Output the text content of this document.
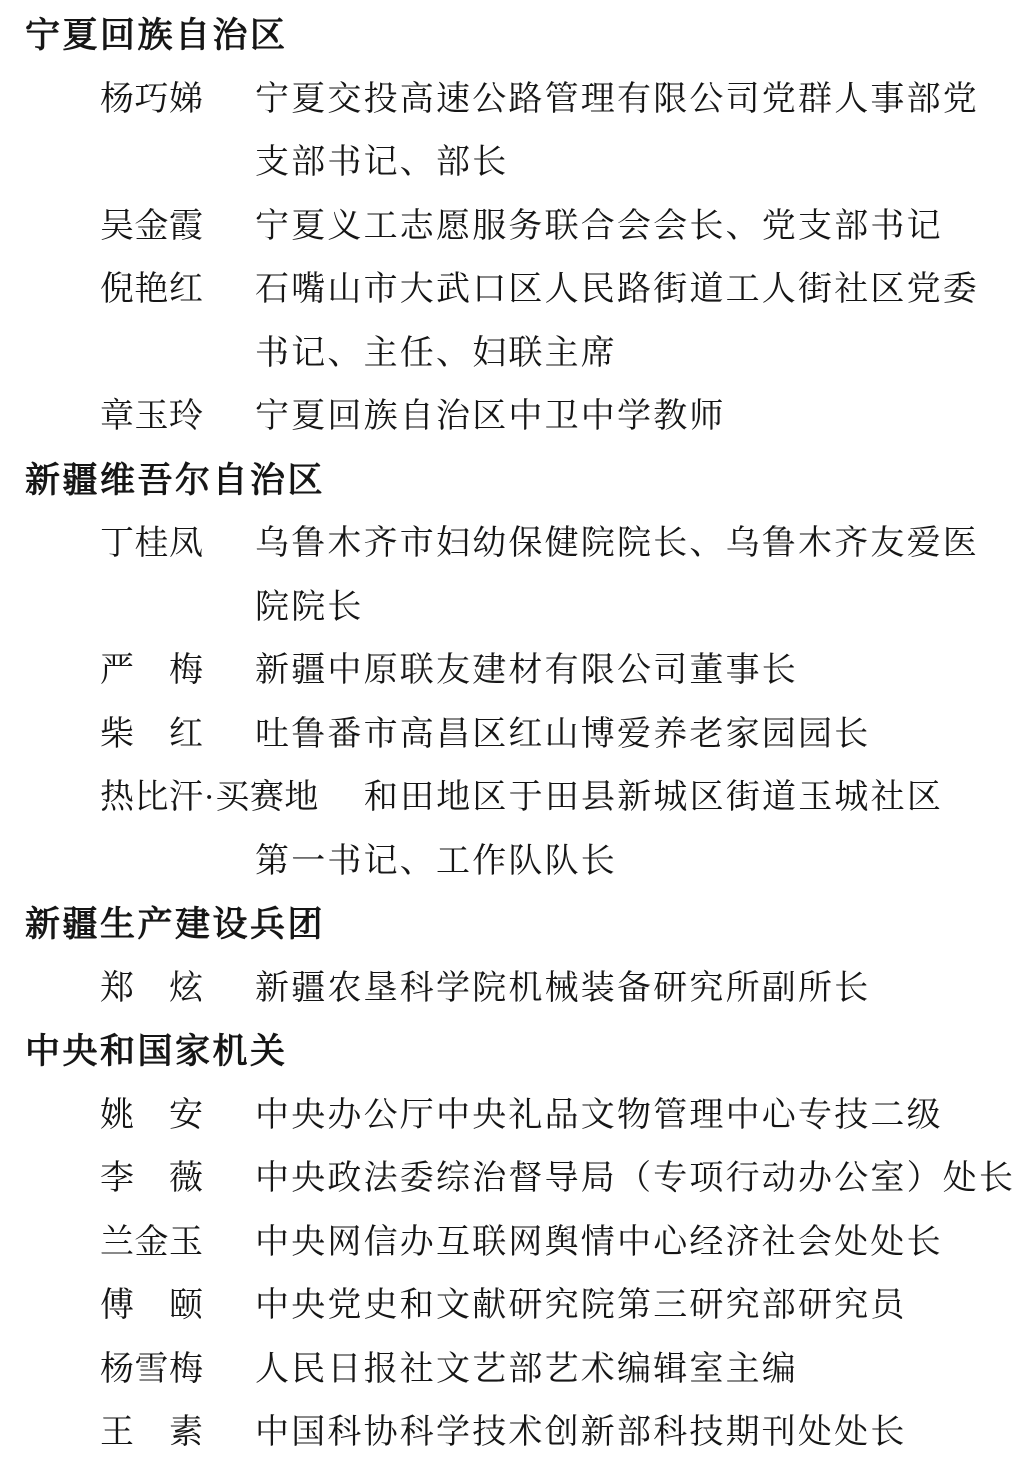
宁夏回族自治区
杨巧娣	宁夏交投高速公路管理有限公司党群人事部党
支部书记、部长
吴金霞	宁夏义工志愿服务联合会会长、党支部书记
倪艳红	石嘴山市大武口区人民路街道工人街社区党委
书记、主任、妇联主席
章玉玲	宁夏回族自治区中卫中学教师
新疆维吾尔自治区
丁桂凤	乌鲁木齐市妇幼保健院院长、乌鲁木齐友爱医
院院长
严　梅	新疆中原联友建材有限公司董事长
柴　红	吐鲁番市高昌区红山博爱养老家园园长
热比汗·买赛地	和田地区于田县新城区街道玉城社区
第一书记、工作队队长
新疆生产建设兵团
郑　炫	新疆农垦科学院机械装备研究所副所长
中央和国家机关
姚　安	中央办公厅中央礼品文物管理中心专技二级
李　薇	中央政法委综治督导局（专项行动办公室）处长
兰金玉	中央网信办互联网舆情中心经济社会处处长
傅　颐	中央党史和文献研究院第三研究部研究员
杨雪梅	人民日报社文艺部艺术编辑室主编
王　素	中国科协科学技术创新部科技期刊处处长
